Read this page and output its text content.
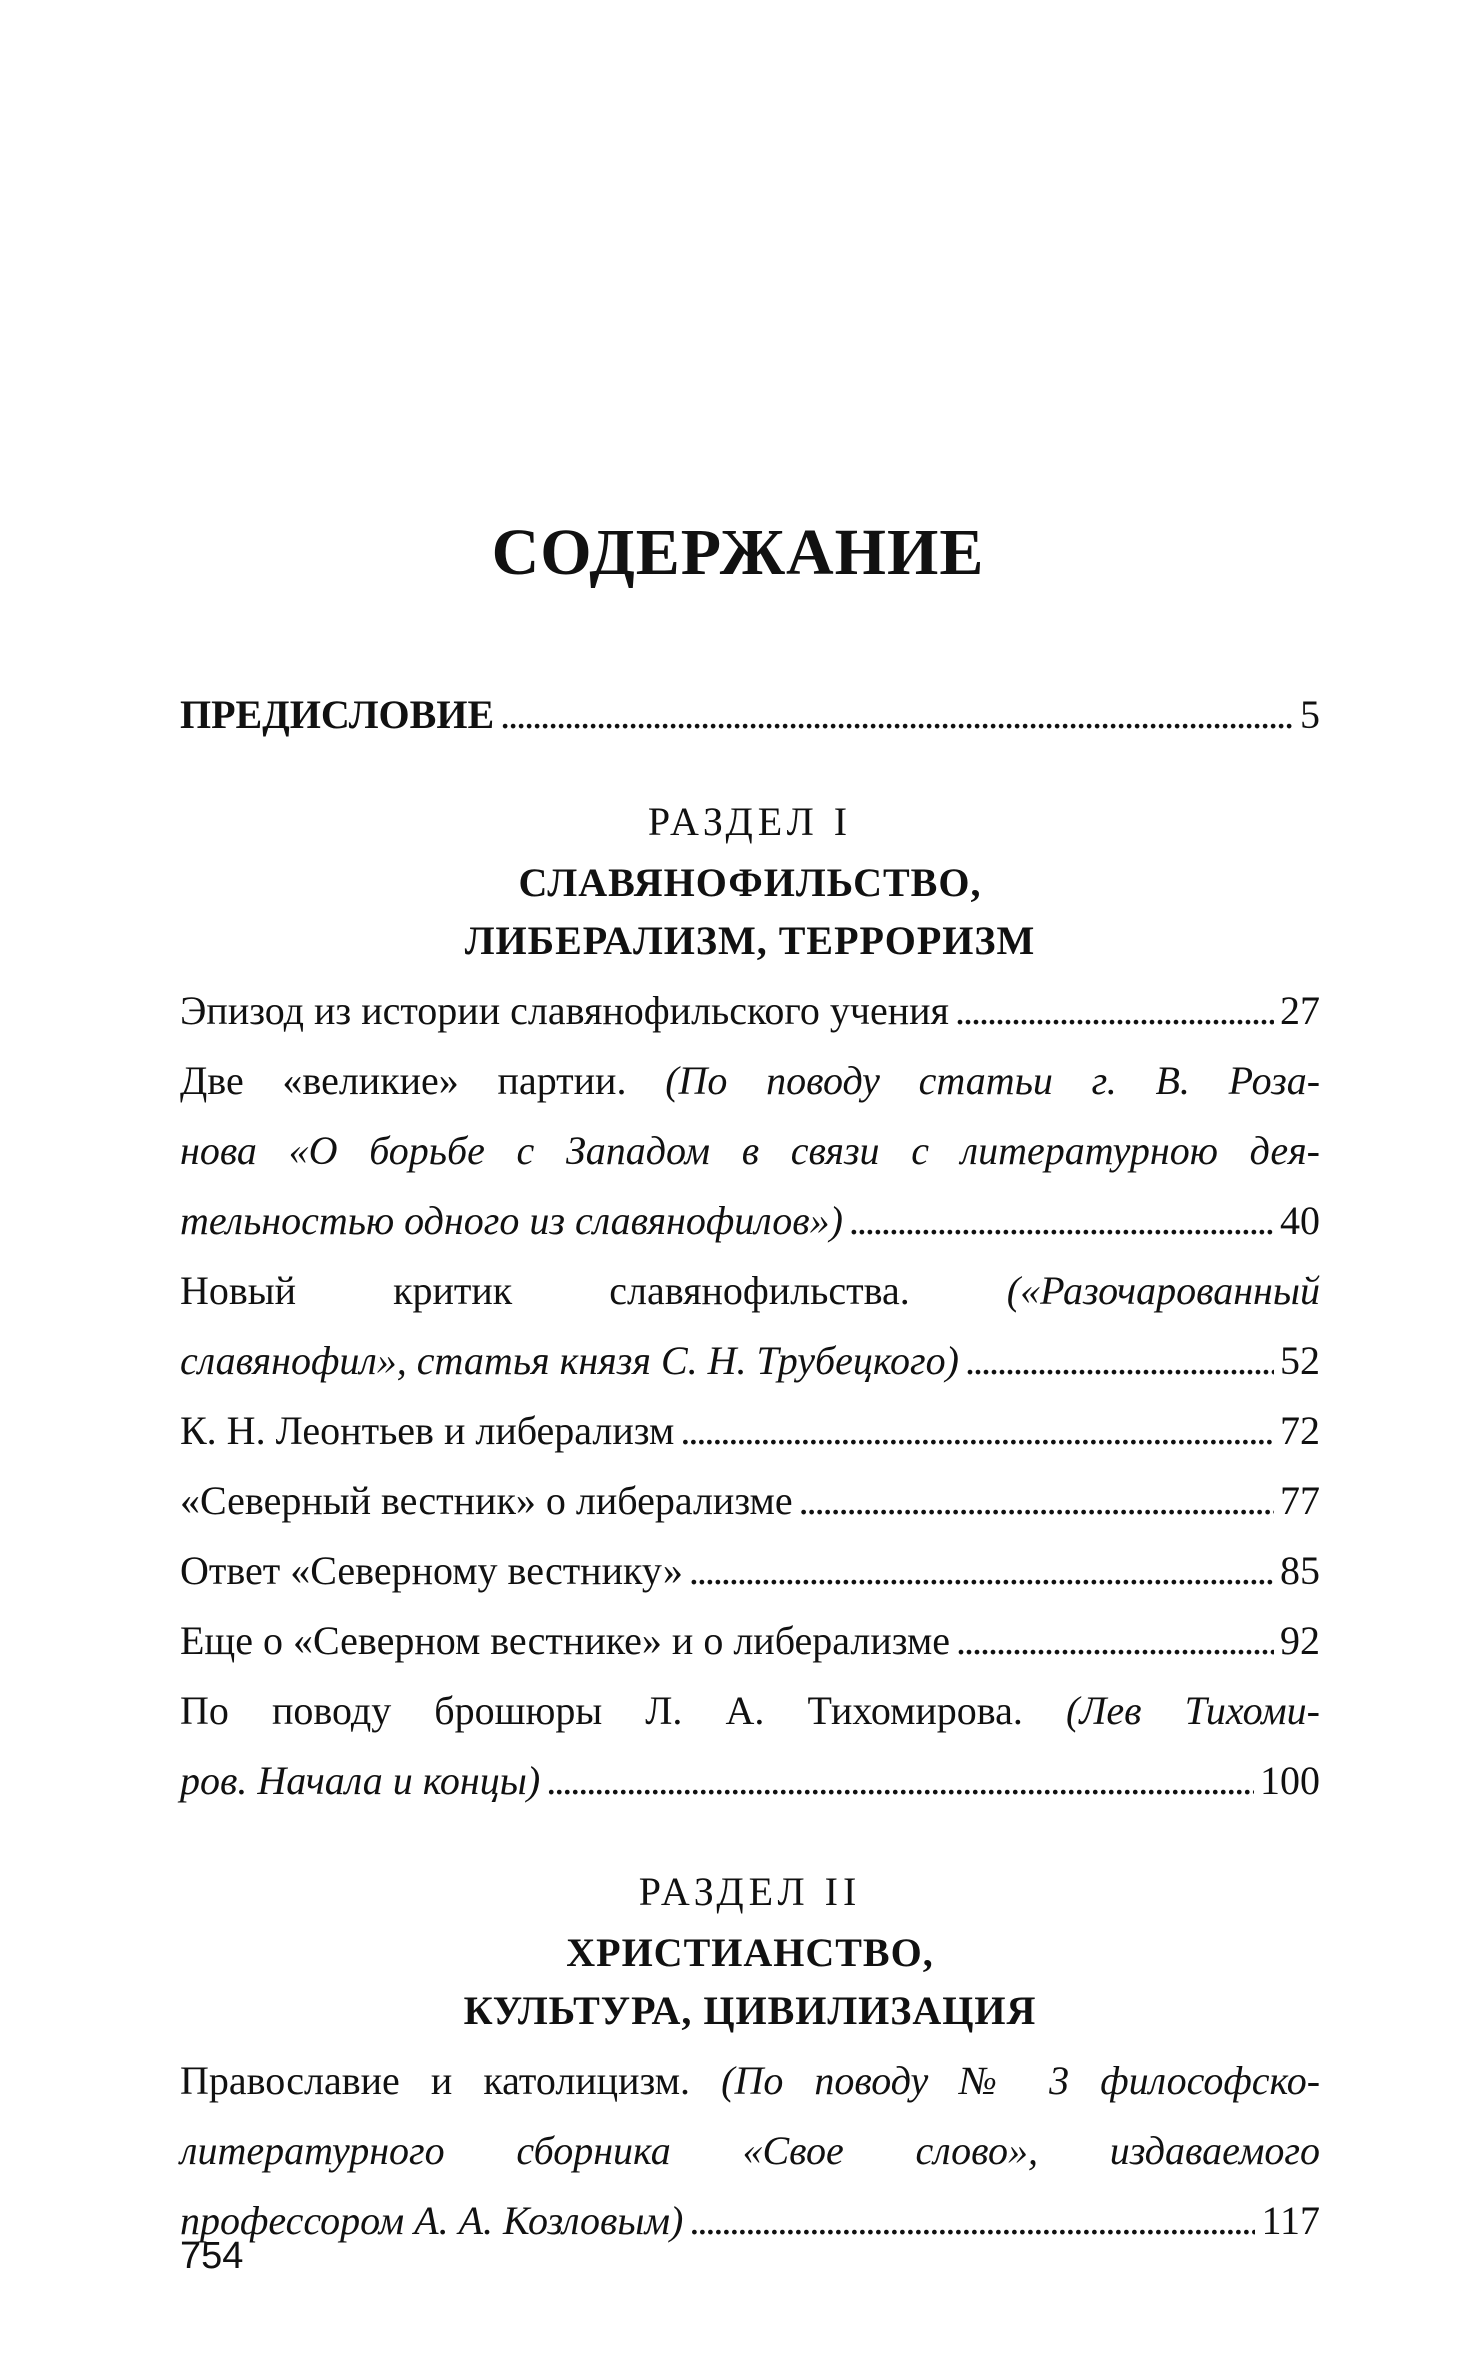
СОДЕРЖАНИЕ
ПРЕДИСЛОВИЕ . . .	5
РАЗДЕЛ I
СЛАВЯНОФИЛЬСТВО,
ЛИБЕРАЛИЗМ, ТЕРРОРИЗМ
Эпизод из истории славянофильского учения . . .	27
Две «великие» партии. (По поводу статьи г. В. Роза-
нова «О борьбе с Западом в связи с литературною дея-
тельностью одного из славянофилов») . . .	40
Новый критик славянофильства. («Разочарованный
славянофил», статья князя С. Н. Трубецкого) . . .	52
К. Н. Леонтьев и либерализм . . .	72
«Северный вестник» о либерализме . . .	77
Ответ «Северному вестнику» . . .	85
Еще о «Северном вестнике» и о либерализме . . .	92
По поводу брошюры Л. А. Тихомирова. (Лев Тихоми-
ров. Начала и концы) . . .	100
РАЗДЕЛ II
ХРИСТИАНСТВО,
КУЛЬТУРА, ЦИВИЛИЗАЦИЯ
Православие и католицизм. (По поводу № 3 философско-
литературного сборника «Свое слово», издаваемого
профессором А. А. Козловым) . . .	117
754
